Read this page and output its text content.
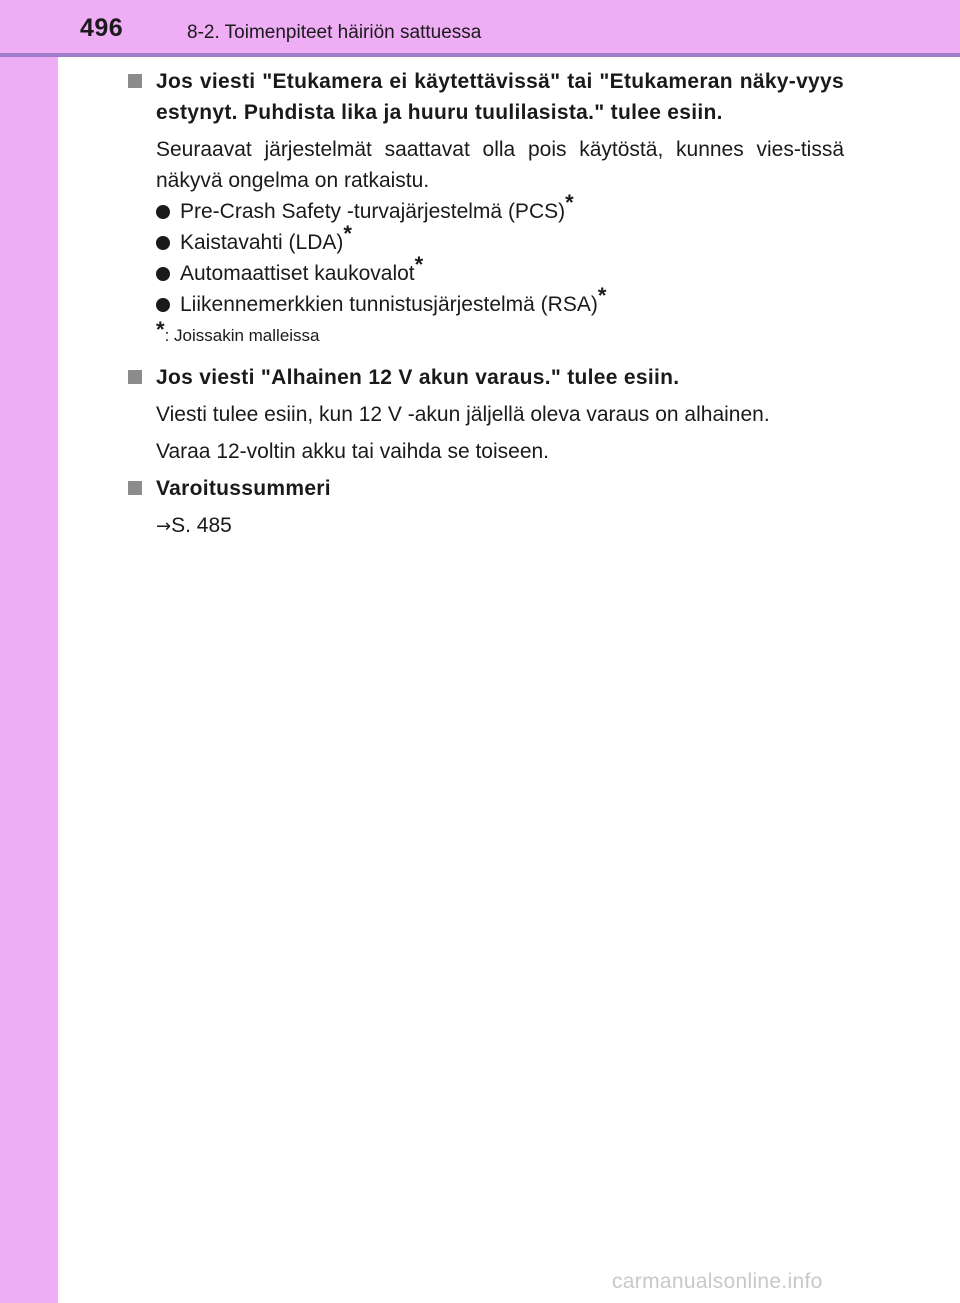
496	8-2. Toimenpiteet häiriön sattuessa
Jos viesti "Etukamera ei käytettävissä" tai "Etukameran näky-vyys estynyt. Puhdista lika ja huuru tuulilasista." tulee esiin.
Seuraavat järjestelmät saattavat olla pois käytöstä, kunnes vies-tissä näkyvä ongelma on ratkaistu.
Pre-Crash Safety -turvajärjestelmä (PCS)*
Kaistavahti (LDA)*
Automaattiset kaukovalot*
Liikennemerkkien tunnistusjärjestelmä (RSA)*
*: Joissakin malleissa
Jos viesti "Alhainen 12 V akun varaus." tulee esiin.
Viesti tulee esiin, kun 12 V -akun jäljellä oleva varaus on alhainen.
Varaa 12-voltin akku tai vaihda se toiseen.
Varoitussummeri
→S. 485
carmanualsonline.info
